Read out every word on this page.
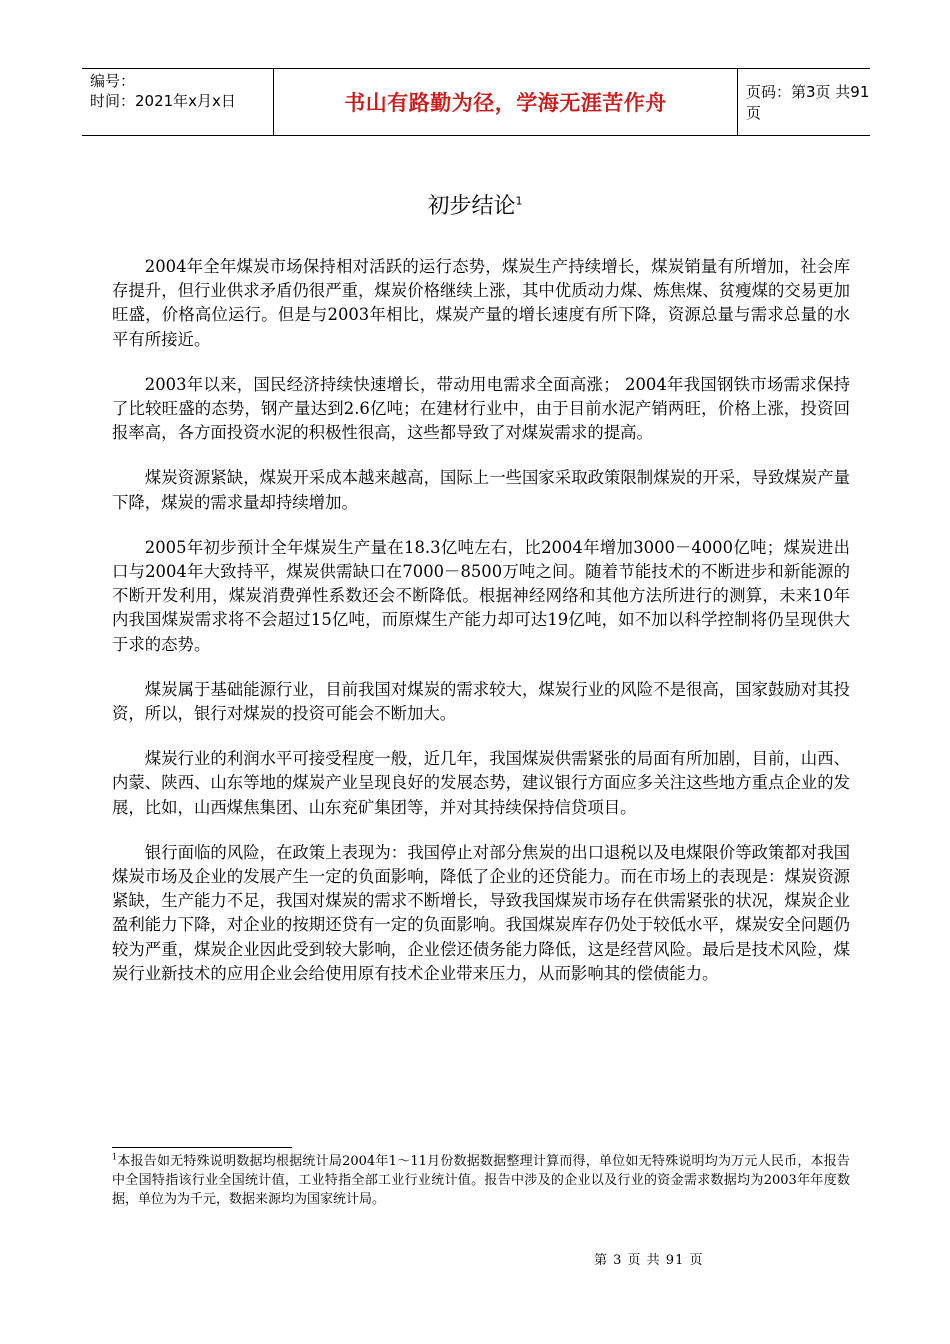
编号：
时间：2021年x月x日	书山有路勤为径，学海无涯苦作舟	页码：第3页 共91页
初步结论$^1$

2004年全年煤炭市场保持相对活跃的运行态势，煤炭生产持续增长，煤炭销量有所增加，社会库存提升，但行业供求矛盾仍很严重，煤炭价格继续上涨，其中优质动力煤、炼焦煤、贫瘦煤的交易更加旺盛，价格高位运行。但是与2003年相比，煤炭产量的增长速度有所下降，资源总量与需求总量的水平有所接近。

2003年以来，国民经济持续快速增长，带动用电需求全面高涨； 2004年我国钢铁市场需求保持了比较旺盛的态势，钢产量达到2.6亿吨；在建材行业中，由于目前水泥产销两旺，价格上涨，投资回报率高，各方面投资水泥的积极性很高，这些都导致了对煤炭需求的提高。

煤炭资源紧缺，煤炭开采成本越来越高，国际上一些国家采取政策限制煤炭的开采，导致煤炭产量下降，煤炭的需求量却持续增加。

2005年初步预计全年煤炭生产量在18.3亿吨左右，比2004年增加3000－4000亿吨；煤炭进出口与2004年大致持平，煤炭供需缺口在7000－8500万吨之间。随着节能技术的不断进步和新能源的不断开发利用，煤炭消费弹性系数还会不断降低。根据神经网络和其他方法所进行的测算，未来10年内我国煤炭需求将不会超过15亿吨，而原煤生产能力却可达19亿吨，如不加以科学控制将仍呈现供大于求的态势。

煤炭属于基础能源行业，目前我国对煤炭的需求较大，煤炭行业的风险不是很高，国家鼓励对其投资，所以，银行对煤炭的投资可能会不断加大。

煤炭行业的利润水平可接受程度一般，近几年，我国煤炭供需紧张的局面有所加剧，目前，山西、内蒙、陕西、山东等地的煤炭产业呈现良好的发展态势，建议银行方面应多关注这些地方重点企业的发展，比如，山西煤焦集团、山东兖矿集团等，并对其持续保持信贷项目。

银行面临的风险，在政策上表现为：我国停止对部分焦炭的出口退税以及电煤限价等政策都对我国煤炭市场及企业的发展产生一定的负面影响，降低了企业的还贷能力。而在市场上的表现是：煤炭资源紧缺，生产能力不足，我国对煤炭的需求不断增长，导致我国煤炭市场存在供需紧张的状况，煤炭企业盈利能力下降，对企业的按期还贷有一定的负面影响。我国煤炭库存仍处于较低水平，煤炭安全问题仍较为严重，煤炭企业因此受到较大影响，企业偿还债务能力降低，这是经营风险。最后是技术风险，煤炭行业新技术的应用企业会给使用原有技术企业带来压力，从而影响其的偿债能力。

$^1$本报告如无特殊说明数据均根据统计局2004年1～11月份数据数据整理计算而得，单位如无特殊说明均为万元人民币，本报告中全国特指该行业全国统计值，工业特指全部工业行业统计值。报告中涉及的企业以及行业的资金需求数据均为2003年年度数据，单位为为千元，数据来源均为国家统计局。
第 3 页 共 91 页
